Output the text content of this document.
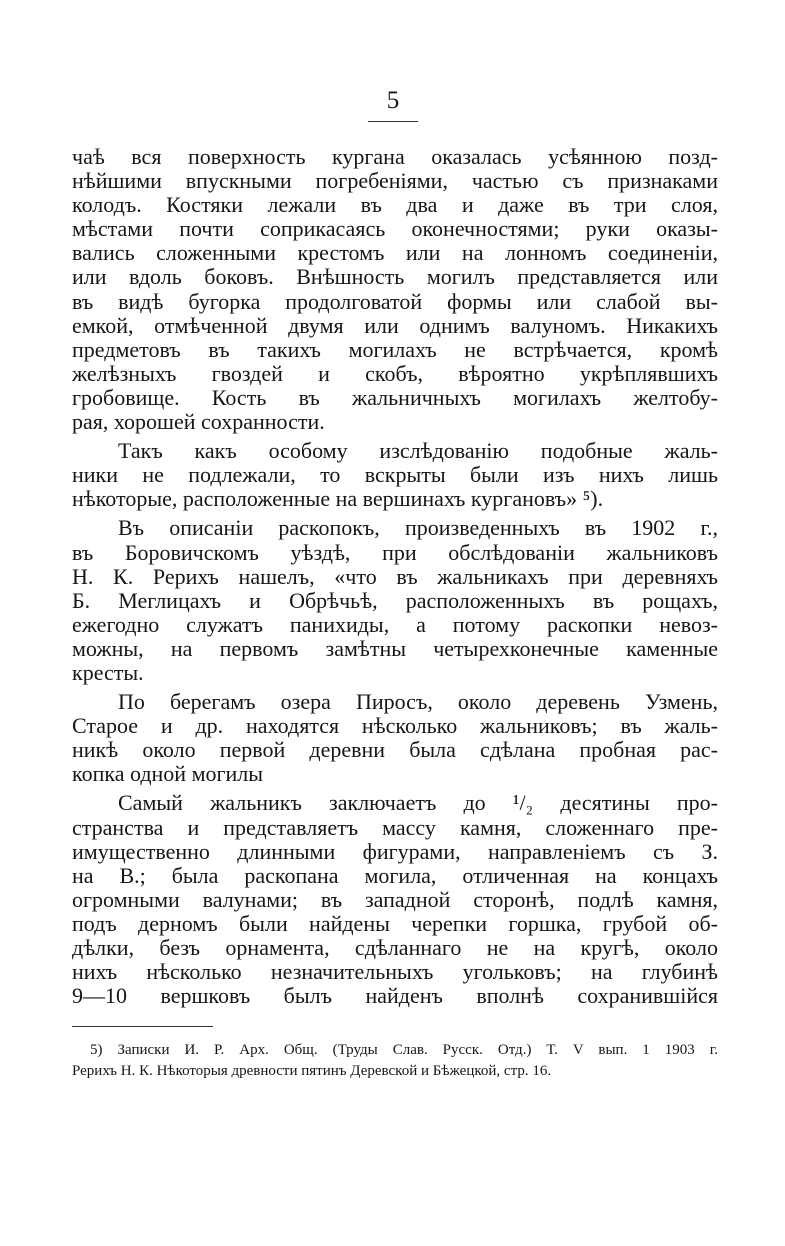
5
чаѣ вся поверхность кургана оказалась усѣянною позд-
нѣйшими впускными погребеніями, частью съ признаками
колодъ. Костяки лежали въ два и даже въ три слоя,
мѣстами почти соприкасаясь оконечностями; руки оказы-
вались сложенными крестомъ или на лонномъ соединеніи,
или вдоль боковъ. Внѣшность могилъ представляется или
въ видѣ бугорка продолговатой формы или слабой вы-
емкой, отмѣченной двумя или однимъ валуномъ. Никакихъ
предметовъ въ такихъ могилахъ не встрѣчается, кромѣ
желѣзныхъ гвоздей и скобъ, вѣроятно укрѣплявшихъ
гробовище. Кость въ жальничныхъ могилахъ желтобу-
рая, хорошей сохранности.
Такъ какъ особому изслѣдованію подобные жаль-
ники не подлежали, то вскрыты были изъ нихъ лишь
нѣкоторые, расположенные на вершинахъ кургановъ» ⁵).
Въ описаніи раскопокъ, произведенныхъ въ 1902 г.,
въ Боровичскомъ уѣздѣ, при обслѣдованіи жальниковъ
Н. К. Рерихъ нашелъ, «что въ жальникахъ при деревняхъ
Б. Меглицахъ и Обрѣчьѣ, расположенныхъ въ рощахъ,
ежегодно служатъ панихиды, а потому раскопки невоз-
можны, на первомъ замѣтны четырехконечные каменные
кресты.
По берегамъ озера Пиросъ, около деревень Узмень,
Старое и др. находятся нѣсколько жальниковъ; въ жаль-
никѣ около первой деревни была сдѣлана пробная рас-
копка одной могилы
Самый жальникъ заключаетъ до ¹/₂ десятины про-
странства и представляетъ массу камня, сложеннаго пре-
имущественно длинными фигурами, направленіемъ съ З.
на В.; была раскопана могила, отличенная на концахъ
огромными валунами; въ западной сторонѣ, подлѣ камня,
подъ дерномъ были найдены черепки горшка, грубой об-
дѣлки, безъ орнамента, сдѣланнаго не на кругѣ, около
нихъ нѣсколько незначительныхъ угольковъ; на глубинѣ
9—10 вершковъ былъ найденъ вполнѣ сохранившійся
5) Записки И. Р. Арх. Общ. (Труды Слав. Русск. Отд.) Т. V вып. 1 1903 г.
Рерихъ Н. К. Нѣкоторыя древности пятинъ Деревской и Бѣжецкой, стр. 16.
